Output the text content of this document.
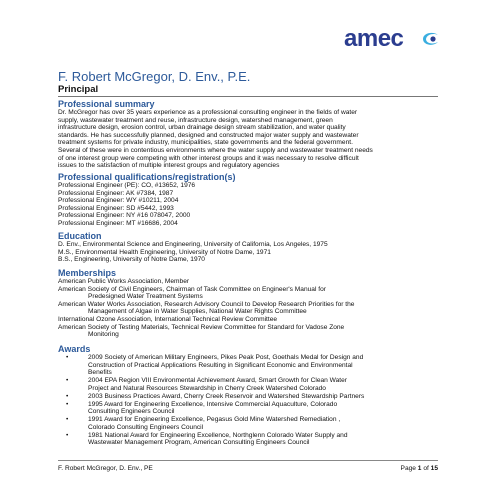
amec
F. Robert McGregor, D. Env., P.E.
Principal
Professional summary
Dr. McGregor has over 35 years experience as a professional consulting engineer in the fields of water
supply, wastewater treatment and reuse, infrastructure design, watershed management, green
infrastructure design, erosion control, urban drainage design stream stabilization, and water quality
standards. He has successfully planned, designed and constructed major water supply and wastewater
treatment systems for private industry, municipalities, state governments and the federal government.
Several of these were in contentious environments where the water supply and wastewater treatment needs
of one interest group were competing with other interest groups and it was necessary to resolve difficult
issues to the satisfaction of multiple interest groups and regulatory agencies
Professional qualifications/registration(s)
Professional Engineer (PE): CO, #13652, 1976
Professional Engineer: AK #7384, 1987
Professional Engineer: WY #10211, 2004
Professional Engineer: SD #5442, 1993
Professional Engineer: NY #16 078047, 2000
Professional Engineer: MT #16686, 2004
Education
D. Env., Environmental Science and Engineering, University of California, Los Angeles, 1975
M.S., Environmental Health Engineering, University of Notre Dame, 1971
B.S., Engineering, University of Notre Dame, 1970
Memberships
American Public Works Association, Member
American Society of Civil Engineers, Chairman of Task Committee on Engineer's Manual for
Predesigned Water Treatment Systems
American Water Works Association, Research Advisory Council to Develop Research Priorities for the
Management of Algae in Water Supplies, National Water Rights Committee
International Ozone Association, International Technical Review Committee
American Society of Testing Materials, Technical Review Committee for Standard for Vadose Zone
Monitoring
Awards
•	2009 Society of American Military Engineers, Pikes Peak Post, Goethals Medal for Design and
Construction of Practical Applications Resulting in Significant Economic and Environmental
Benefits
•	2004 EPA Region VIII Environmental Achievement Award, Smart Growth for Clean Water
Project and Natural Resources Stewardship in Cherry Creek Watershed Colorado
•	2003 Business Practices Award, Cherry Creek Reservoir and Watershed Stewardship Partners
•	1995 Award for Engineering Excellence, Intensive Commercial Aquaculture, Colorado
Consulting Engineers Council
•	1991 Award for Engineering Excellence, Pegasus Gold Mine Watershed Remediation ,
Colorado Consulting Engineers Council
•	1981 National Award for Engineering Excellence, Northglenn Colorado Water Supply and
Wastewater Management Program, American Consulting Engineers Council
F. Robert McGregor, D. Env., PE	Page 1 of 15
